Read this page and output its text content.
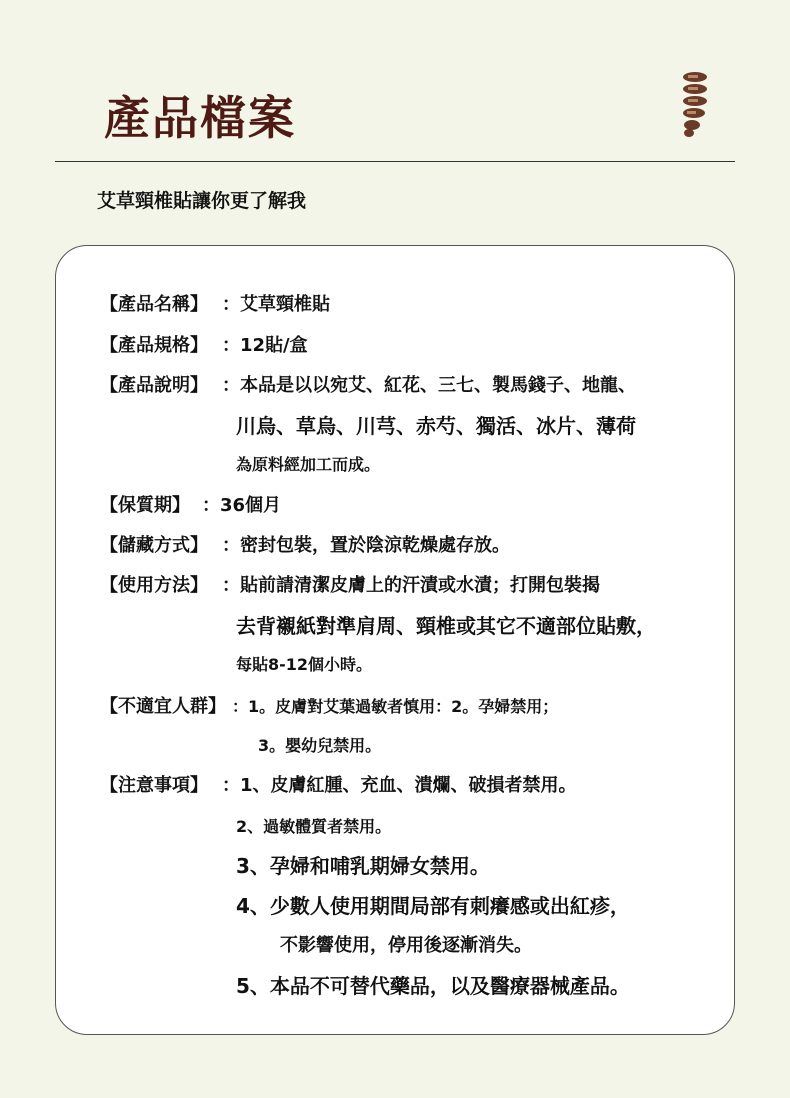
產品檔案
艾草頸椎貼讓你更了解我
【產品名稱】 ：艾草頸椎貼
【產品規格】 ：12貼/盒
【產品說明】 ：本品是以以宛艾、紅花、三七、製馬錢子、地龍、
川烏、草烏、川芎、赤芍、獨活、冰片、薄荷
為原料經加工而成。
【保質期】 ：36個月
【儲藏方式】 ：密封包裝，置於陰涼乾燥處存放。
【使用方法】 ：貼前請清潔皮膚上的汗漬或水漬；打開包裝揭
去背襯紙對準肩周、頸椎或其它不適部位貼敷，
每貼8-12個小時。
【不適宜人群】 ：1。皮膚對艾葉過敏者慎用：2。孕婦禁用；
3。嬰幼兒禁用。
【注意事項】 ：1、皮膚紅腫、充血、潰爛、破損者禁用。
2、過敏體質者禁用。
3、孕婦和哺乳期婦女禁用。
4、少數人使用期間局部有刺癢感或出紅疹，
不影響使用，停用後逐漸消失。
5、本品不可替代藥品，以及醫療器械產品。
